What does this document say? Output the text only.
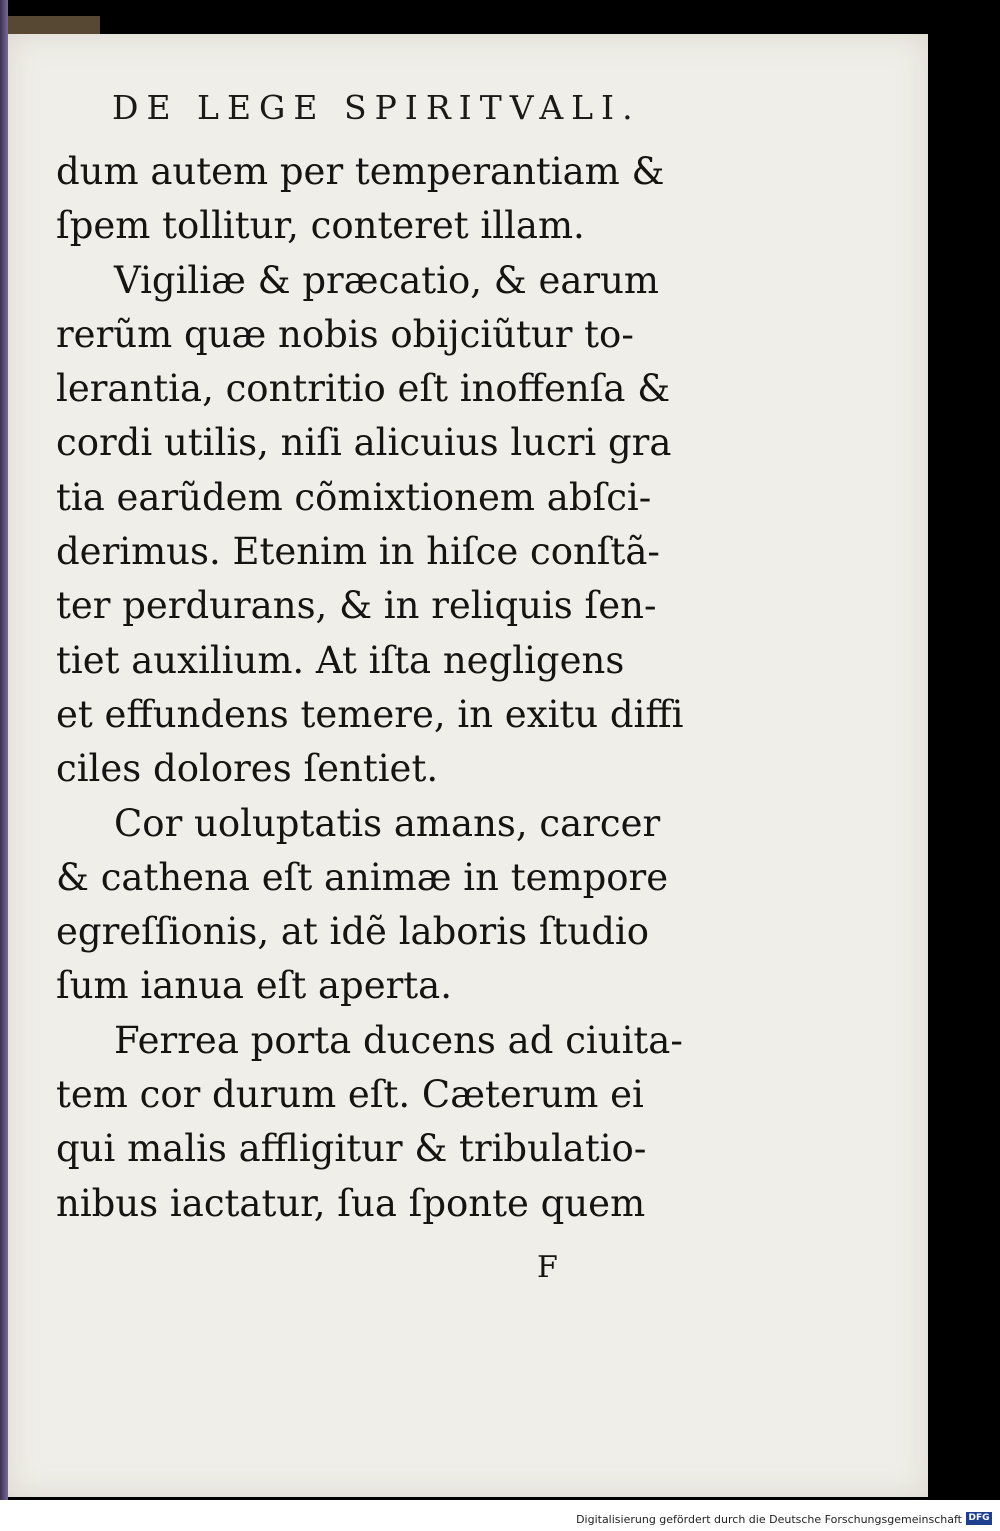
DE LEGE SPIRITVALI.
dum autem per temperantiam &
ſpem tollitur, conteret illam.
Vigiliæ & præcatio, & earum
rerũm quæ nobis obijciũtur to-
lerantia, contritio eſt inoffenſa &
cordi utilis, niſi alicuius lucri gra
tia earũdem cõmixtionem abſci-
derimus. Etenim in hiſce conſtã-
ter perdurans, & in reliquis ſen-
tiet auxilium. At iſta negligens
et effundens temere, in exitu diffi
ciles dolores ſentiet.
Cor uoluptatis amans, carcer
& cathena eſt animæ in tempore
egreſſionis, at idẽ laboris ſtudio
ſum ianua eſt aperta.
Ferrea porta ducens ad ciuita-
tem cor durum eſt. Cæterum ei
qui malis affligitur & tribulatio-
nibus iactatur, ſua ſponte quem
F
Digitalisierung gefördert durch die Deutsche Forschungsgemeinschaft DFG
